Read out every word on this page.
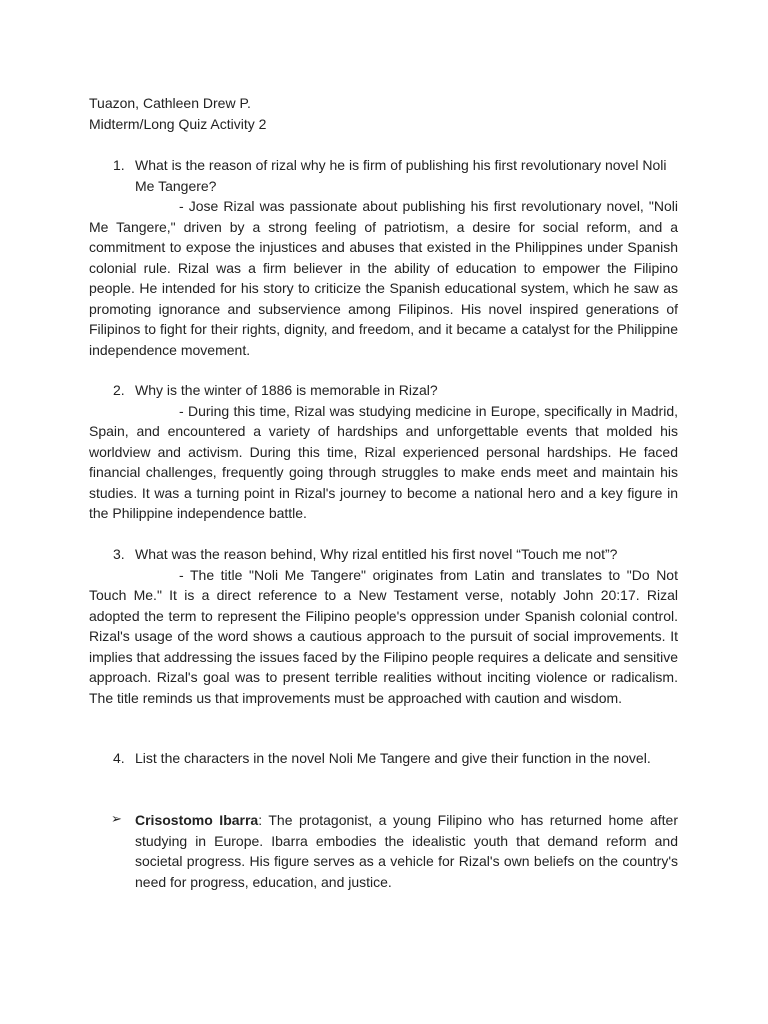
Tuazon, Cathleen Drew P.
Midterm/Long Quiz Activity 2
1. What is the reason of rizal why he is firm of publishing his first revolutionary novel Noli Me Tangere?
- Jose Rizal was passionate about publishing his first revolutionary novel, "Noli Me Tangere," driven by a strong feeling of patriotism, a desire for social reform, and a commitment to expose the injustices and abuses that existed in the Philippines under Spanish colonial rule. Rizal was a firm believer in the ability of education to empower the Filipino people. He intended for his story to criticize the Spanish educational system, which he saw as promoting ignorance and subservience among Filipinos. His novel inspired generations of Filipinos to fight for their rights, dignity, and freedom, and it became a catalyst for the Philippine independence movement.
2. Why is the winter of 1886 is memorable in Rizal?
- During this time, Rizal was studying medicine in Europe, specifically in Madrid, Spain, and encountered a variety of hardships and unforgettable events that molded his worldview and activism. During this time, Rizal experienced personal hardships. He faced financial challenges, frequently going through struggles to make ends meet and maintain his studies. It was a turning point in Rizal's journey to become a national hero and a key figure in the Philippine independence battle.
3. What was the reason behind, Why rizal entitled his first novel “Touch me not”?
- The title "Noli Me Tangere" originates from Latin and translates to "Do Not Touch Me." It is a direct reference to a New Testament verse, notably John 20:17. Rizal adopted the term to represent the Filipino people's oppression under Spanish colonial control. Rizal's usage of the word shows a cautious approach to the pursuit of social improvements. It implies that addressing the issues faced by the Filipino people requires a delicate and sensitive approach. Rizal's goal was to present terrible realities without inciting violence or radicalism. The title reminds us that improvements must be approached with caution and wisdom.
4. List the characters in the novel Noli Me Tangere and give their function in the novel.
➢ Crisostomo Ibarra: The protagonist, a young Filipino who has returned home after studying in Europe. Ibarra embodies the idealistic youth that demand reform and societal progress. His figure serves as a vehicle for Rizal's own beliefs on the country's need for progress, education, and justice.
